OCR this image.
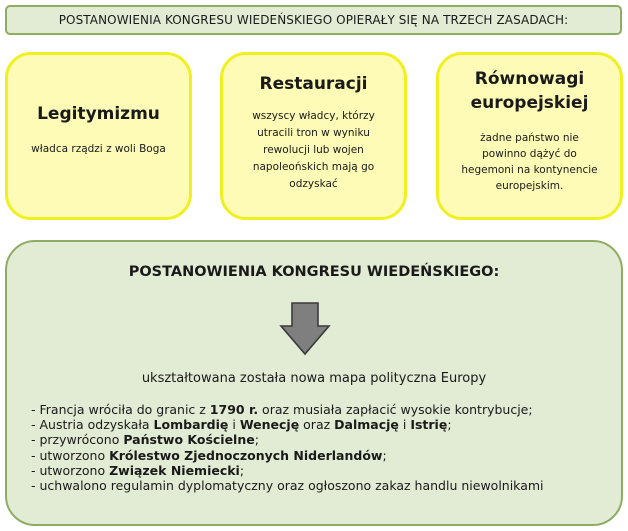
POSTANOWIENIA KONGRESU WIEDEŃSKIEGO OPIERAŁY SIĘ NA TRZECH ZASADACH:
Legitymizmu
władca rządzi z woli Boga
Restauracji
wszyscy władcy, którzy utracili tron w wyniku rewolucji lub wojen napoleońskich mają go odzyskać
Równowagi europejskiej
żadne państwo nie powinno dążyć do hegemoni na kontynencie europejskim.
POSTANOWIENIA KONGRESU WIEDEŃSKIEGO:
ukształtowana została nowa mapa polityczna Europy
- Francja wróciła do granic z 1790 r. oraz musiała zapłacić wysokie kontrybucje;
- Austria odzyskała Lombardię i Wenecję oraz Dalmację i Istrię;
- przywrócono Państwo Kościelne;
- utworzono Królestwo Zjednoczonych Niderlandów;
- utworzono Związek Niemiecki;
- uchwalono regulamin dyplomatyczny oraz ogłoszono zakaz handlu niewolnikami
